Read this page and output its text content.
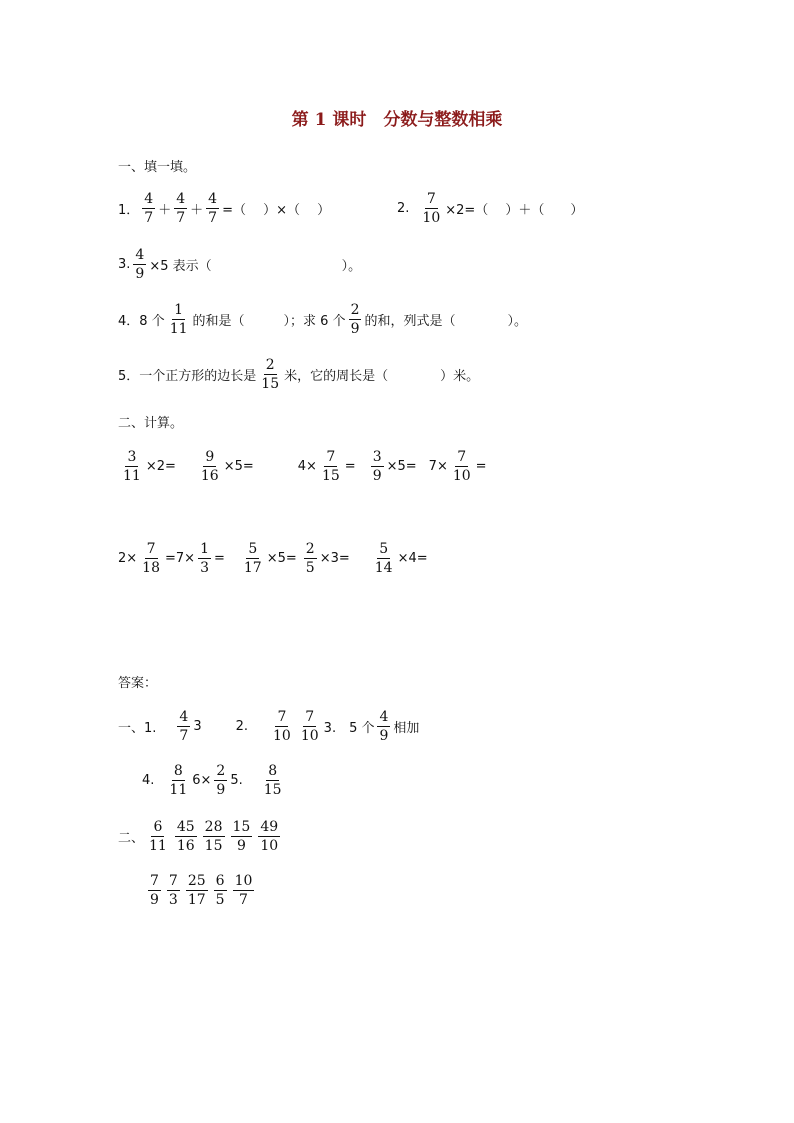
第 1 课时　分数与整数相乘
一、填一填。
1． $\frac{4}{7} + \frac{4}{7} + \frac{4}{7}$ =（　 ）×（　 ）	2. $\frac{7}{10} \times 2=$（　 ）＋（　　）
3. $\frac{4}{9} \times 5$ 表示（　　　　　　　　　　）。
4．8 个 $\frac{1}{11}$ 的和是（　　　）；求 6 个 $\frac{2}{9}$ 的和，列式是（　　　　）。
5．一个正方形的边长是 $\frac{2}{15}$ 米，它的周长是（　　　　）米。
二、计算。
$\frac{3}{11} \times 2= \frac{9}{16} \times 5=$	$4\times \frac{7}{15} = \frac{3}{9} \times 5= 7\times \frac{7}{10}$ =
$2\times \frac{7}{18} =7\times \frac{1}{3} = \frac{5}{17} \times 5= \frac{2}{5} \times 3= \frac{5}{14} \times 4=$
答案：
一、1. $\frac{4}{7} 3$	2. $\frac{7}{10} \frac{7}{10} 3$.　5 个 $\frac{4}{9}$ 相加
4. $\frac{8}{11} 6\times \frac{2}{9} 5$. $\frac{8}{15}$
二、 $\frac{6}{11} \frac{45}{16} \frac{28}{15} \frac{15}{9} \frac{49}{10}$
$\frac{7}{9} \frac{7}{3} \frac{25}{17} \frac{6}{5} \frac{10}{7}$
